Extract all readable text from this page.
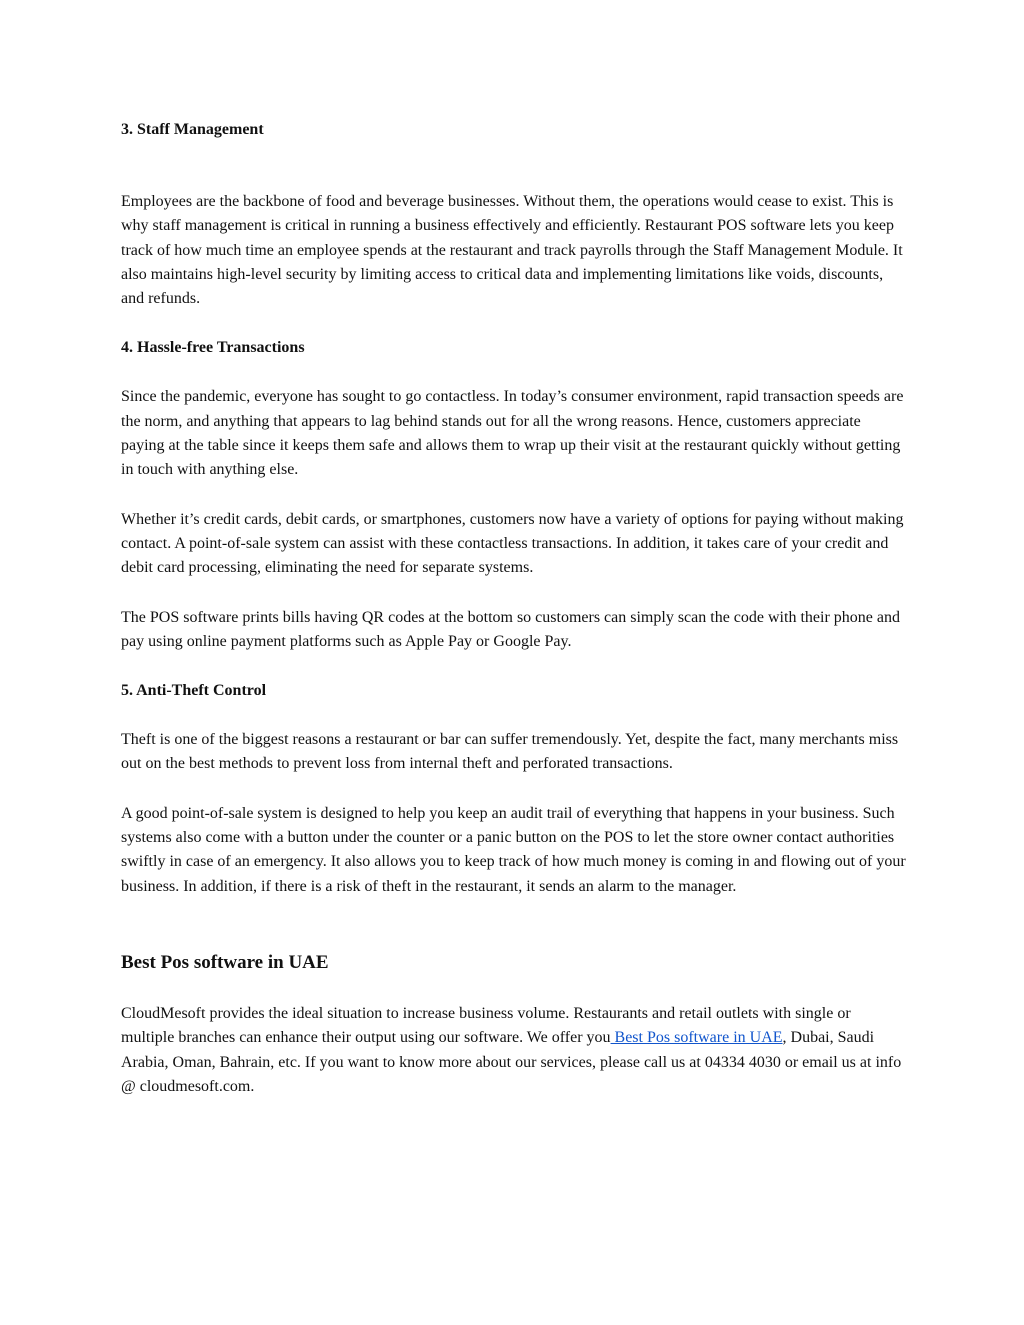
3. Staff Management

Employees are the backbone of food and beverage businesses. Without them, the operations would cease to exist. This is why staff management is critical in running a business effectively and efficiently. Restaurant POS software lets you keep track of how much time an employee spends at the restaurant and track payrolls through the Staff Management Module. It also maintains high-level security by limiting access to critical data and implementing limitations like voids, discounts, and refunds.

4. Hassle-free Transactions

Since the pandemic, everyone has sought to go contactless. In today’s consumer environment, rapid transaction speeds are the norm, and anything that appears to lag behind stands out for all the wrong reasons. Hence, customers appreciate paying at the table since it keeps them safe and allows them to wrap up their visit at the restaurant quickly without getting in touch with anything else.

Whether it’s credit cards, debit cards, or smartphones, customers now have a variety of options for paying without making contact. A point-of-sale system can assist with these contactless transactions. In addition, it takes care of your credit and debit card processing, eliminating the need for separate systems.

The POS software prints bills having QR codes at the bottom so customers can simply scan the code with their phone and pay using online payment platforms such as Apple Pay or Google Pay.

5. Anti-Theft Control

Theft is one of the biggest reasons a restaurant or bar can suffer tremendously. Yet, despite the fact, many merchants miss out on the best methods to prevent loss from internal theft and perforated transactions.

A good point-of-sale system is designed to help you keep an audit trail of everything that happens in your business. Such systems also come with a button under the counter or a panic button on the POS to let the store owner contact authorities swiftly in case of an emergency. It also allows you to keep track of how much money is coming in and flowing out of your business. In addition, if there is a risk of theft in the restaurant, it sends an alarm to the manager.

Best Pos software in UAE

CloudMesoft provides the ideal situation to increase business volume. Restaurants and retail outlets with single or multiple branches can enhance their output using our software. We offer you Best Pos software in UAE, Dubai, Saudi Arabia, Oman, Bahrain, etc. If you want to know more about our services, please call us at 04334 4030 or email us at info @ cloudmesoft.com.
